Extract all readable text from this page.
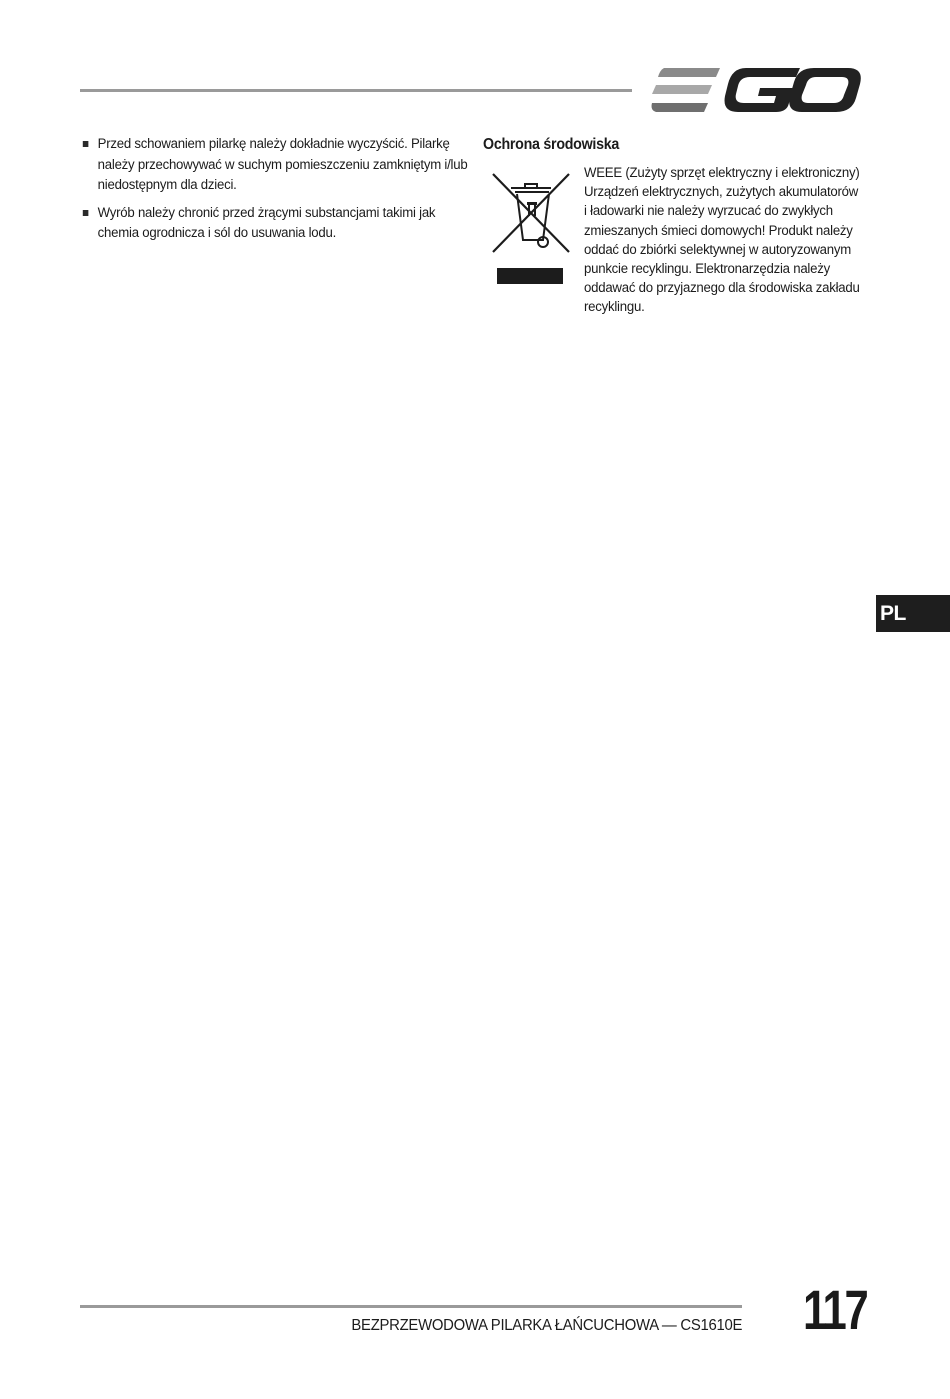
Przed schowaniem pilarkę należy dokładnie wyczyścić. Pilarkę należy przechowywać w suchym pomieszczeniu zamkniętym i/lub niedostępnym dla dzieci.
Wyrób należy chronić przed żrącymi substancjami takimi jak chemia ogrodnicza i sól do usuwania lodu.
Ochrona środowiska
WEEE (Zużyty sprzęt elektryczny i elektroniczny) Urządzeń elektrycznych, zużytych akumulatorów i ładowarki nie należy wyrzucać do zwykłych zmieszanych śmieci domowych! Produkt należy oddać do zbiórki selektywnej w autoryzowanym punkcie recyklingu. Elektronarzędzia należy oddawać do przyjaznego dla środowiska zakładu recyklingu.
PL
BEZPRZEWODOWA PILARKA ŁAŃCUCHOWA — CS1610E 117
